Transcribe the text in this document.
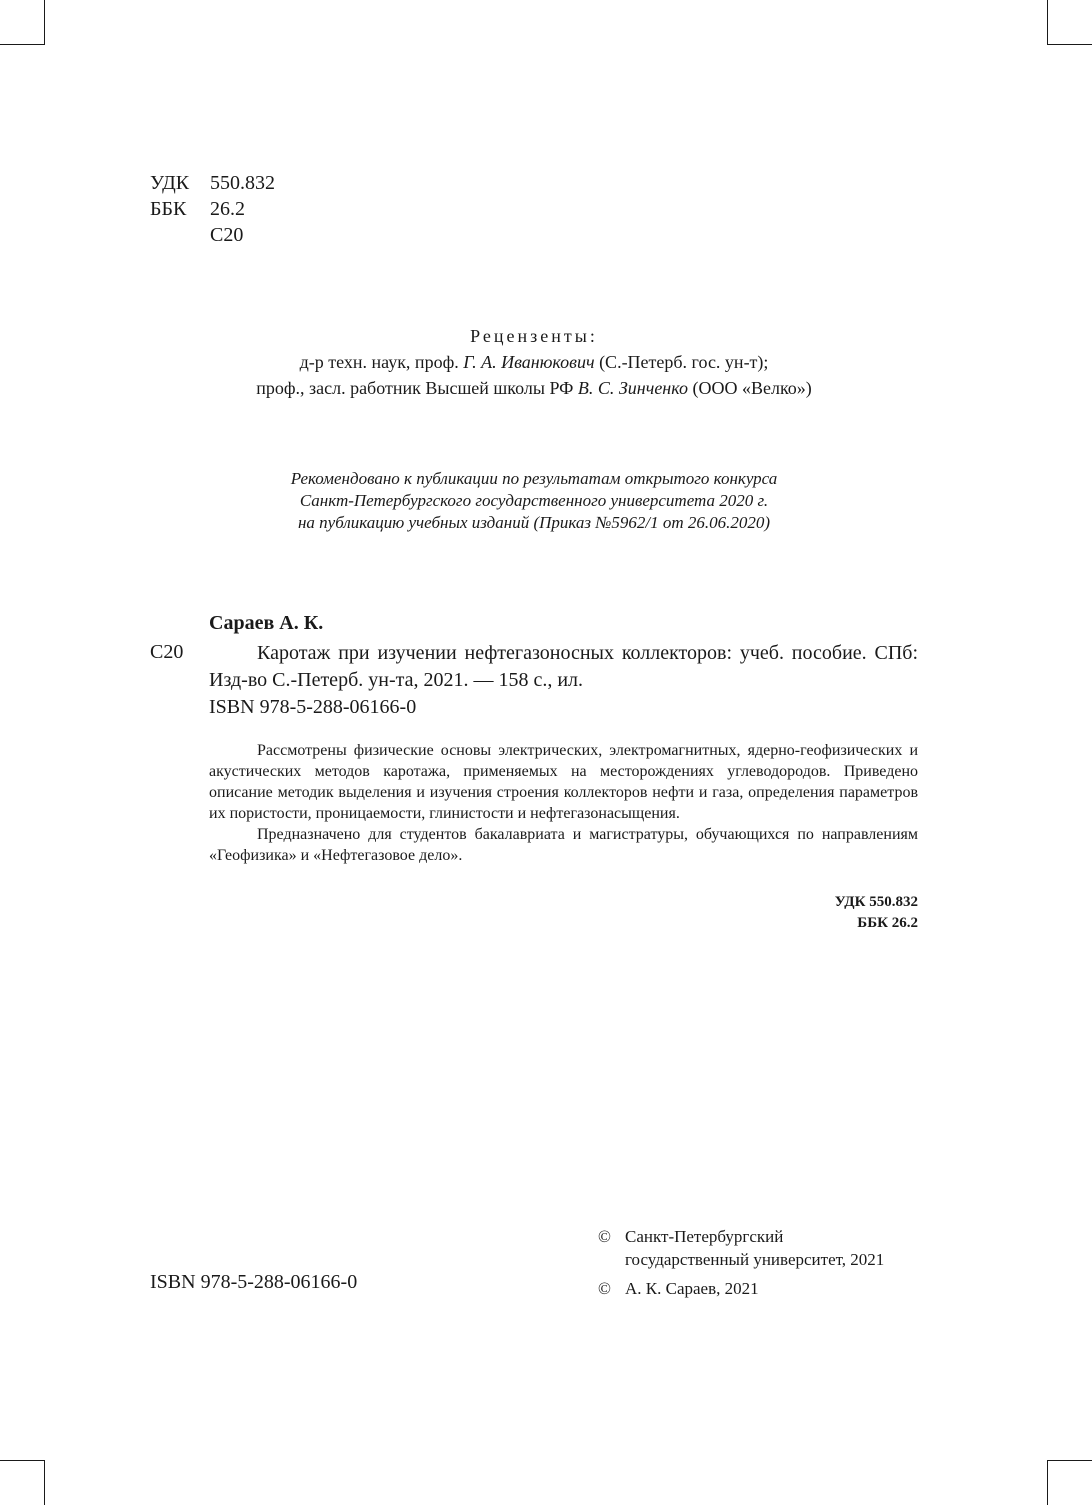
УДК	550.832
ББК	26.2
С20
Рецензенты:
д-р техн. наук, проф. Г. А. Иванюкович (С.-Петерб. гос. ун-т);
проф., засл. работник Высшей школы РФ В. С. Зинченко (ООО «Велко»)
Рекомендовано к публикации по результатам открытого конкурса
Санкт-Петербургского государственного университета 2020 г.
на публикацию учебных изданий (Приказ №5962/1 от 26.06.2020)
Сараев А. К.
С20	Каротаж при изучении нефтегазоносных коллекторов: учеб. пособие. СПб: Изд-во С.-Петерб. ун-та, 2021. — 158 с., ил.
ISBN 978-5-288-06166-0

Рассмотрены физические основы электрических, электромагнитных, ядерно-геофизических и акустических методов каротажа, применяемых на месторождениях углеводородов. Приведено описание методик выделения и изучения строения коллекторов нефти и газа, определения параметров их пористости, проницаемости, глинистости и нефтегазонасыщения.

Предназначено для студентов бакалавриата и магистратуры, обучающихся по направлениям «Геофизика» и «Нефтегазовое дело».

УДК 550.832
ББК 26.2
ISBN 978-5-288-06166-0
© Санкт-Петербургский
государственный университет, 2021
© А. К. Сараев, 2021
